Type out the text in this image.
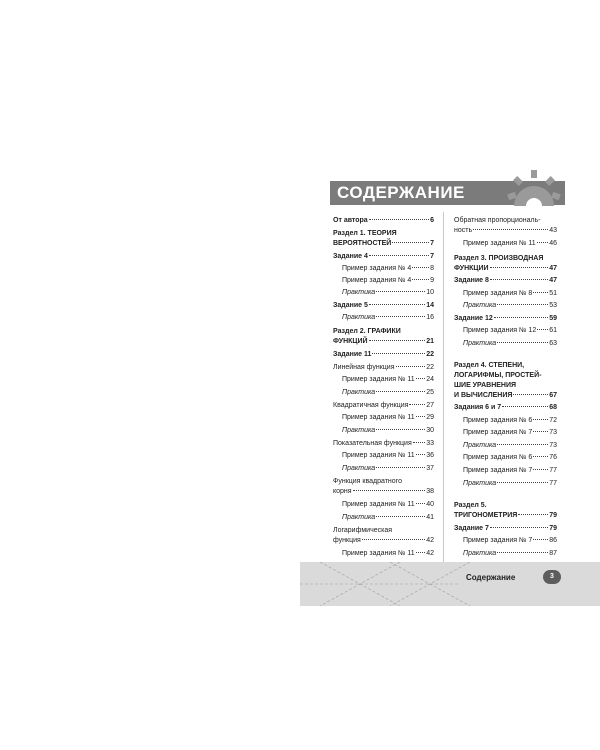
СОДЕРЖАНИЕ
От автора	6
Раздел 1. ТЕОРИЯ
ВЕРОЯТНОСТЕЙ	7
Задание 4	7
Пример задания № 4	8
Пример задания № 4	9
Практика	10
Задание 5	14
Практика	16
Раздел 2. ГРАФИКИ
ФУНКЦИЙ	21
Задание 11	22
Линейная функция	22
Пример задания № 11 24
Практика	25
Квадратичная функция	27
Пример задания № 11 29
Практика	30
Показательная функция 33
Пример задания № 11 36
Практика	37
Функция квадратного
корня	38
Пример задания № 11 40
Практика	41
Логарифмическая
функция	42
Пример задания № 11 42
Обратная пропорциональ-
ность	43
Пример задания № 11 46
Раздел 3. ПРОИЗВОДНАЯ
ФУНКЦИИ	47
Задание 8	47
Пример задания № 8 51
Практика	53
Задание 12	59
Пример задания № 12 61
Практика	63
Раздел 4. СТЕПЕНИ,
ЛОГАРИФМЫ, ПРОСТЕЙ-
ШИЕ УРАВНЕНИЯ
И ВЫЧИСЛЕНИЯ	67
Задания 6 и 7	68
Пример задания № 6 72
Пример задания № 7 73
Практика	73
Пример задания № 6 76
Пример задания № 7 77
Практика	77
Раздел 5.
ТРИГОНОМЕТРИЯ	79
Задание 7	79
Пример задания № 7 86
Практика	87
Содержание	3
